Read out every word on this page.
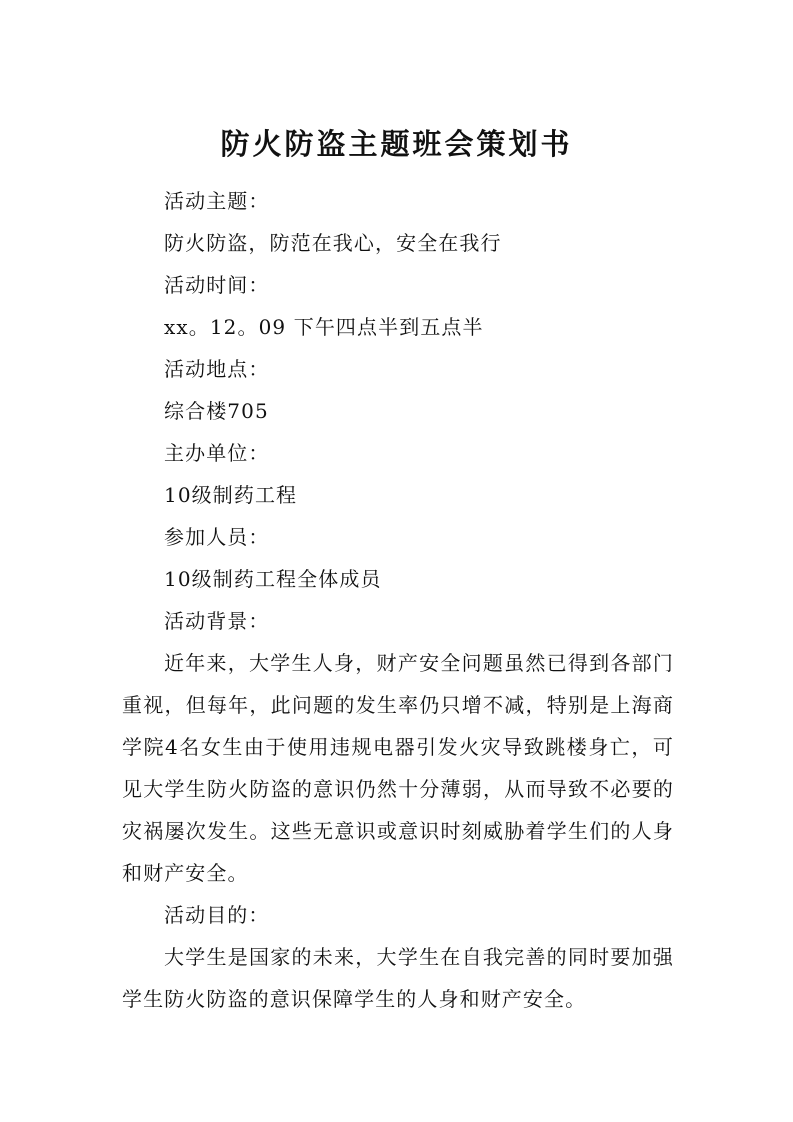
防火防盗主题班会策划书
活动主题：
防火防盗，防范在我心，安全在我行
活动时间：
xx。12。09 下午四点半到五点半
活动地点：
综合楼705
主办单位：
10级制药工程
参加人员：
10级制药工程全体成员
活动背景：
近年来，大学生人身，财产安全问题虽然已得到各部门
重视，但每年，此问题的发生率仍只增不减，特别是上海商
学院4名女生由于使用违规电器引发火灾导致跳楼身亡，可
见大学生防火防盗的意识仍然十分薄弱，从而导致不必要的
灾祸屡次发生。这些无意识或意识时刻威胁着学生们的人身
和财产安全。
活动目的：
大学生是国家的未来，大学生在自我完善的同时要加强
学生防火防盗的意识保障学生的人身和财产安全。
